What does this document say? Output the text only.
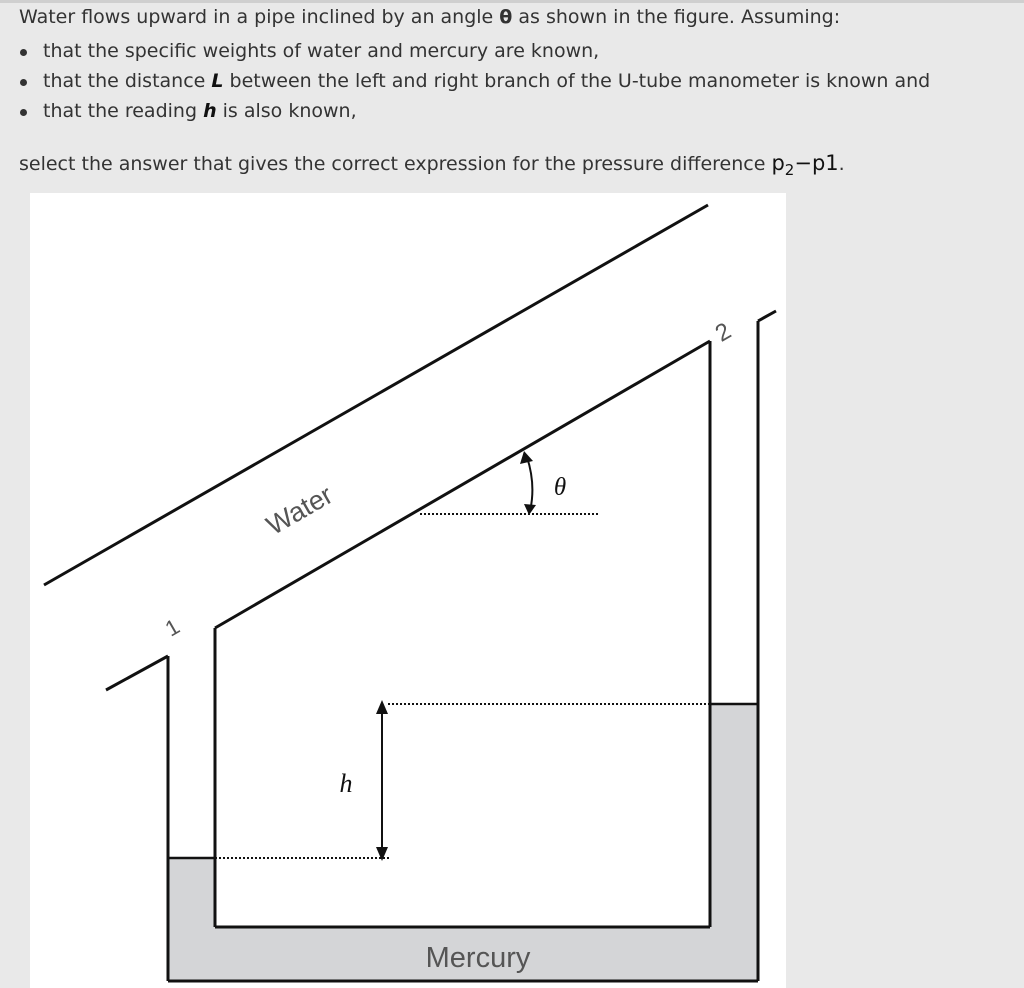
Water flows upward in a pipe inclined by an angle θ as shown in the figure. Assuming:

that the specific weights of water and mercury are known,
that the distance L between the left and right branch of the U-tube manometer is known and
that the reading h is also known,

select the answer that gives the correct expression for the pressure difference $p_2-p1$.

Water
Mercury
θ
h
1
2
